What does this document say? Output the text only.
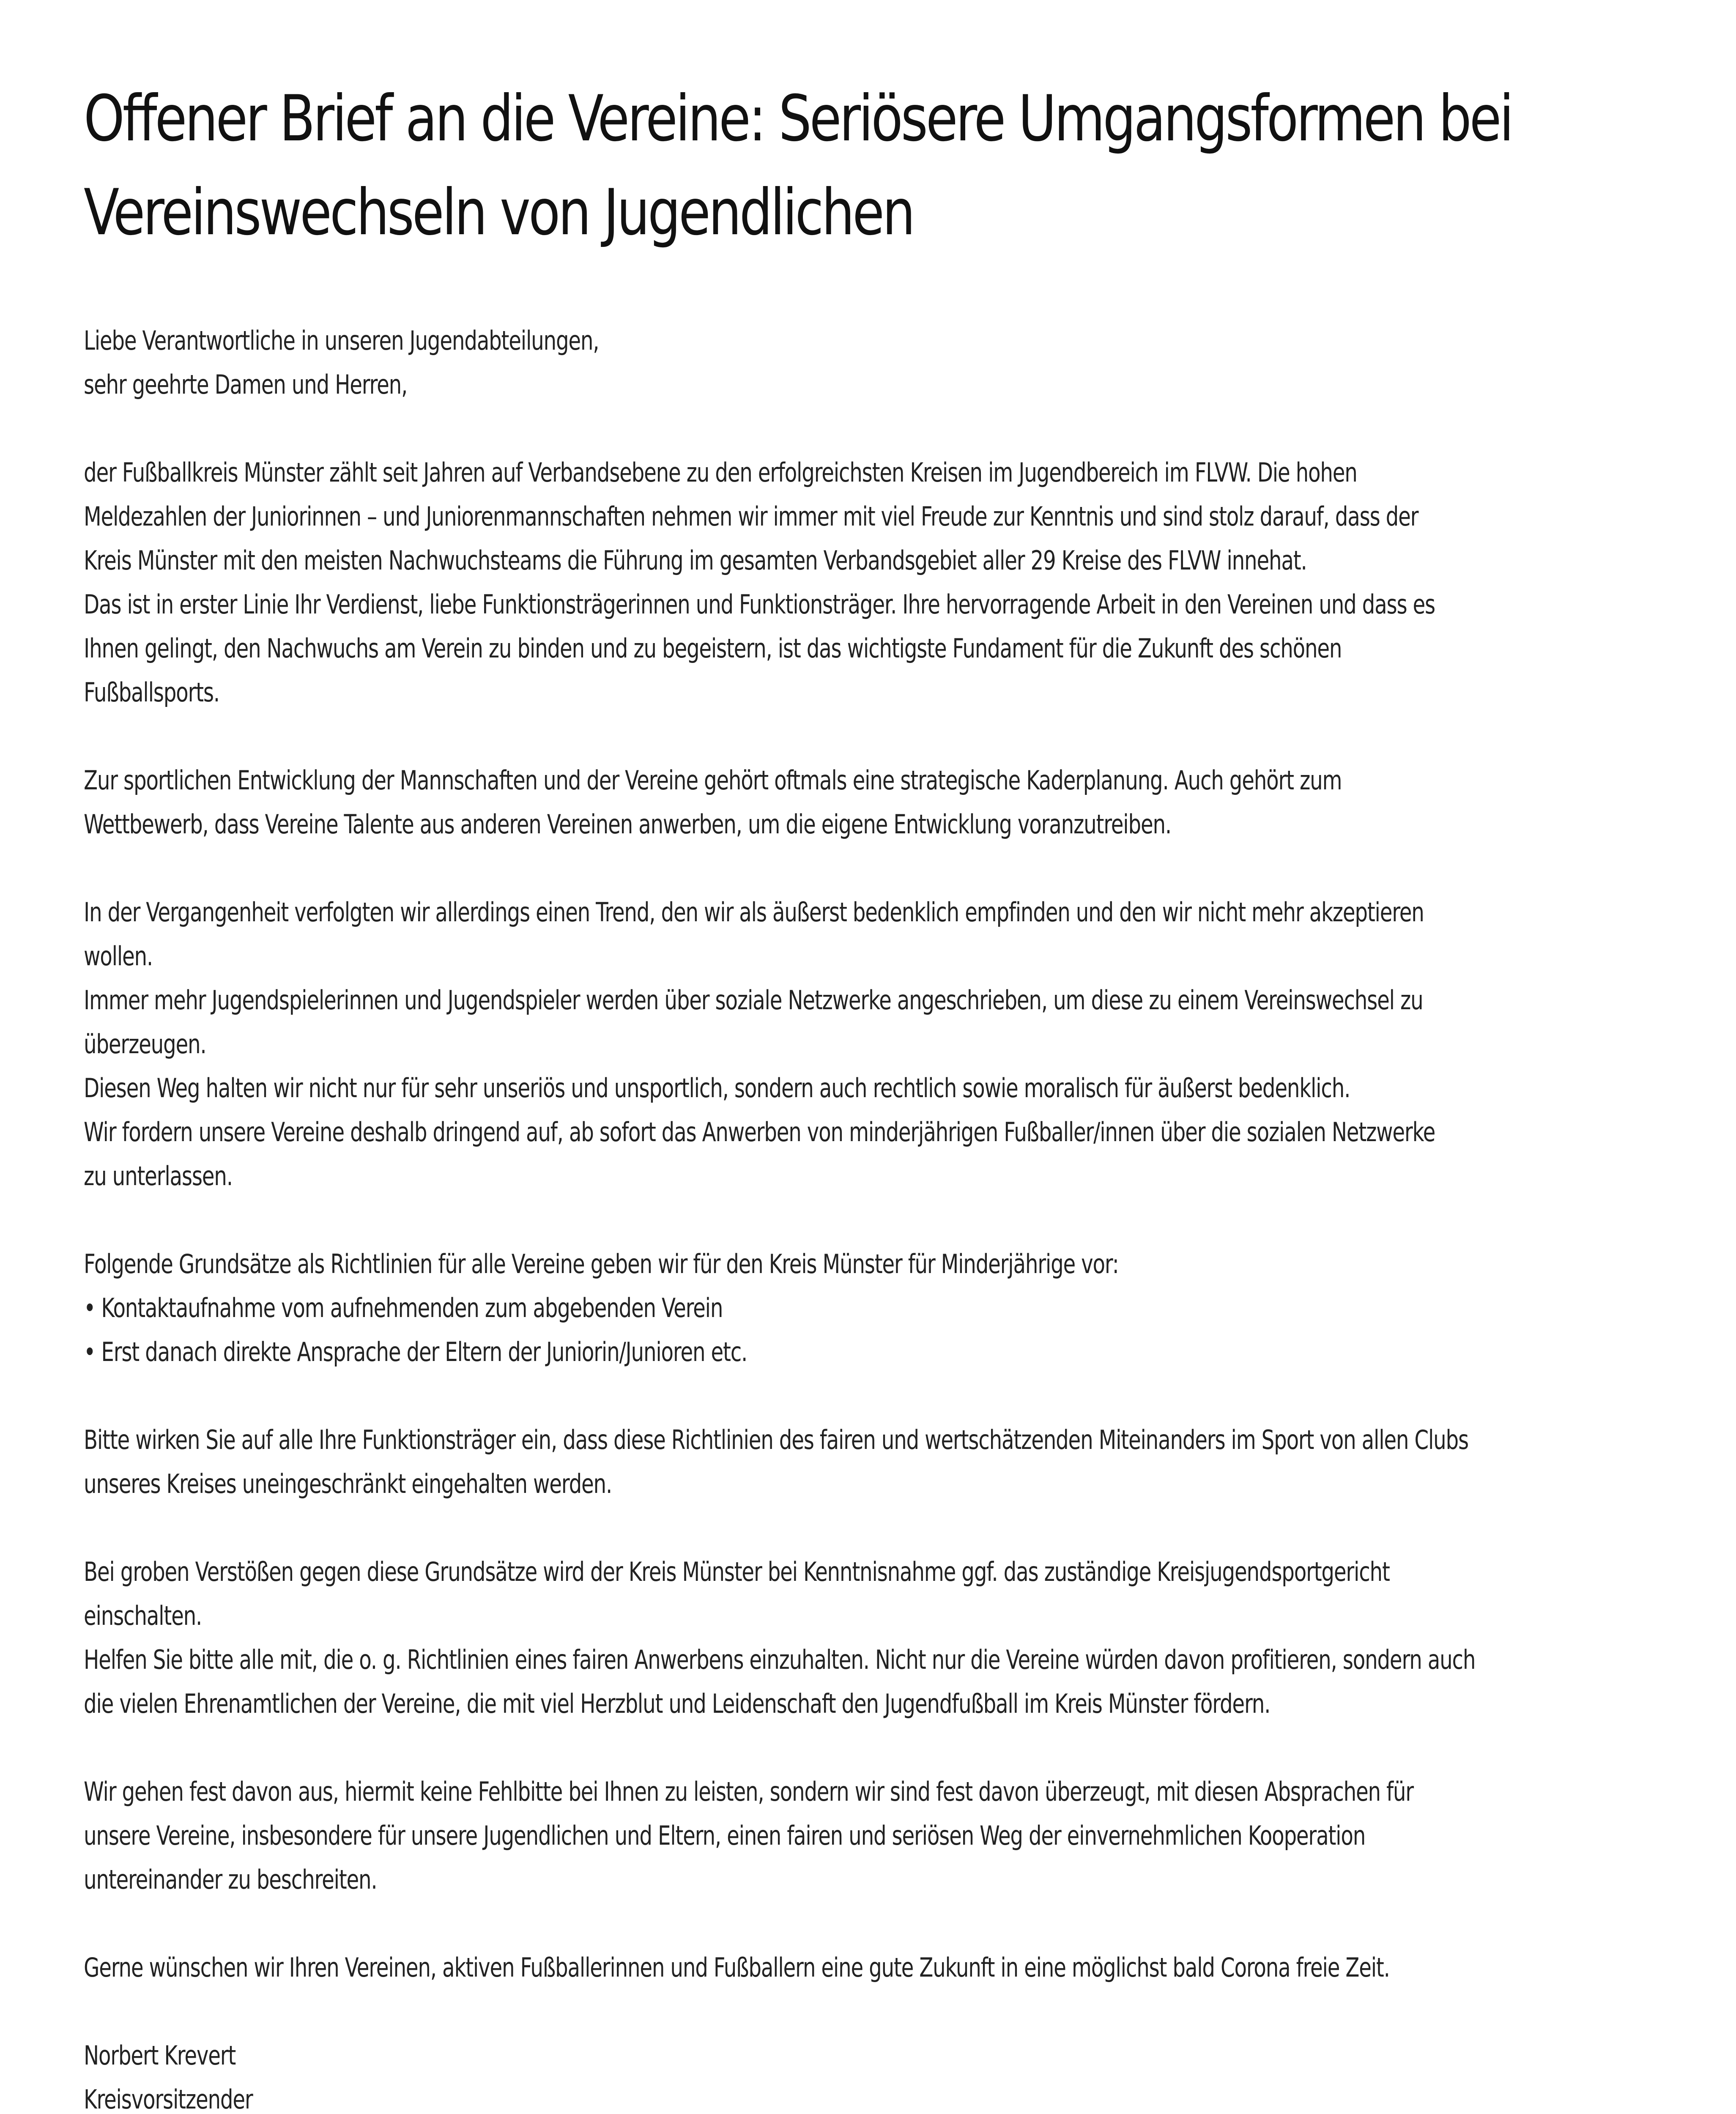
Offener Brief an die Vereine: Seriösere Umgangsformen bei
Vereinswechseln von Jugendlichen
Liebe Verantwortliche in unseren Jugendabteilungen,
sehr geehrte Damen und Herren,
der Fußballkreis Münster zählt seit Jahren auf Verbandsebene zu den erfolgreichsten Kreisen im Jugendbereich im FLVW. Die hohen
Meldezahlen der Juniorinnen – und Juniorenmannschaften nehmen wir immer mit viel Freude zur Kenntnis und sind stolz darauf, dass der
Kreis Münster mit den meisten Nachwuchsteams die Führung im gesamten Verbandsgebiet aller 29 Kreise des FLVW innehat.
Das ist in erster Linie Ihr Verdienst, liebe Funktionsträgerinnen und Funktionsträger. Ihre hervorragende Arbeit in den Vereinen und dass es
Ihnen gelingt, den Nachwuchs am Verein zu binden und zu begeistern, ist das wichtigste Fundament für die Zukunft des schönen
Fußballsports.
Zur sportlichen Entwicklung der Mannschaften und der Vereine gehört oftmals eine strategische Kaderplanung. Auch gehört zum
Wettbewerb, dass Vereine Talente aus anderen Vereinen anwerben, um die eigene Entwicklung voranzutreiben.
In der Vergangenheit verfolgten wir allerdings einen Trend, den wir als äußerst bedenklich empfinden und den wir nicht mehr akzeptieren
wollen.
Immer mehr Jugendspielerinnen und Jugendspieler werden über soziale Netzwerke angeschrieben, um diese zu einem Vereinswechsel zu
überzeugen.
Diesen Weg halten wir nicht nur für sehr unseriös und unsportlich, sondern auch rechtlich sowie moralisch für äußerst bedenklich.
Wir fordern unsere Vereine deshalb dringend auf, ab sofort das Anwerben von minderjährigen Fußballer/innen über die sozialen Netzwerke
zu unterlassen.
Folgende Grundsätze als Richtlinien für alle Vereine geben wir für den Kreis Münster für Minderjährige vor:
• Kontaktaufnahme vom aufnehmenden zum abgebenden Verein
• Erst danach direkte Ansprache der Eltern der Juniorin/Junioren etc.
Bitte wirken Sie auf alle Ihre Funktionsträger ein, dass diese Richtlinien des fairen und wertschätzenden Miteinanders im Sport von allen Clubs
unseres Kreises uneingeschränkt eingehalten werden.
Bei groben Verstößen gegen diese Grundsätze wird der Kreis Münster bei Kenntnisnahme ggf. das zuständige Kreisjugendsportgericht
einschalten.
Helfen Sie bitte alle mit, die o. g. Richtlinien eines fairen Anwerbens einzuhalten. Nicht nur die Vereine würden davon profitieren, sondern auch
die vielen Ehrenamtlichen der Vereine, die mit viel Herzblut und Leidenschaft den Jugendfußball im Kreis Münster fördern.
Wir gehen fest davon aus, hiermit keine Fehlbitte bei Ihnen zu leisten, sondern wir sind fest davon überzeugt, mit diesen Absprachen für
unsere Vereine, insbesondere für unsere Jugendlichen und Eltern, einen fairen und seriösen Weg der einvernehmlichen Kooperation
untereinander zu beschreiten.
Gerne wünschen wir Ihren Vereinen, aktiven Fußballerinnen und Fußballern eine gute Zukunft in eine möglichst bald Corona freie Zeit.
Norbert Krevert
Kreisvorsitzender
